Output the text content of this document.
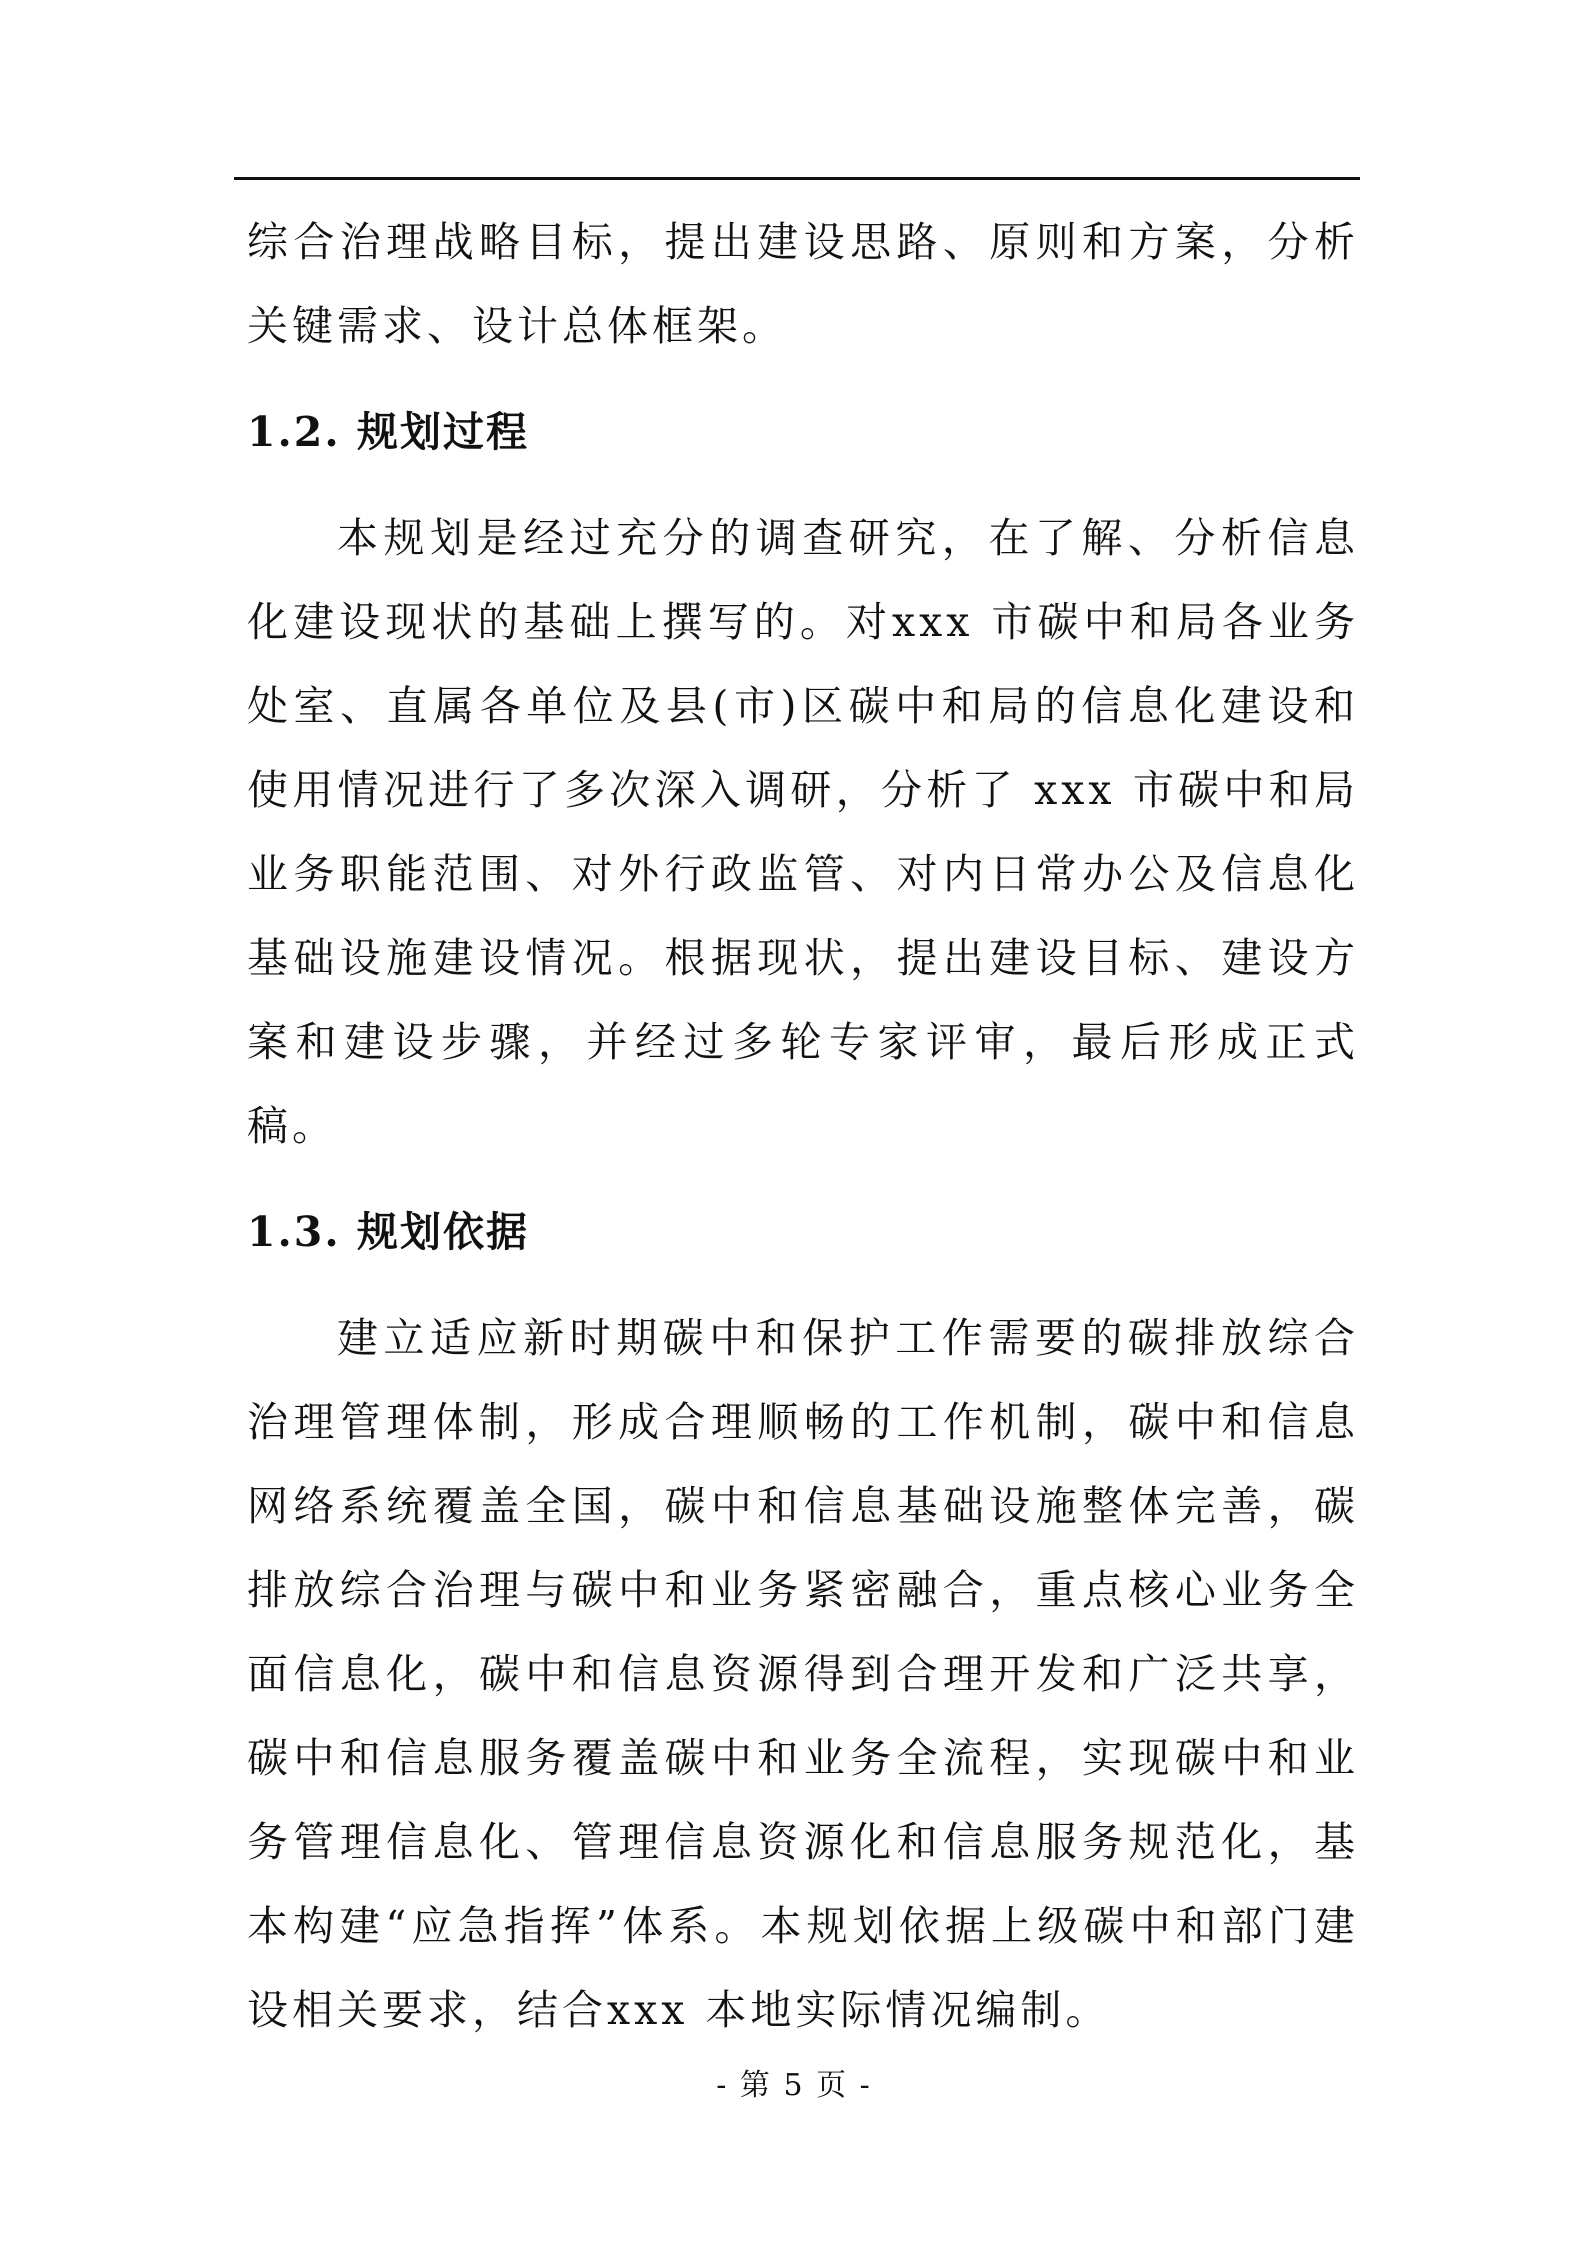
综合治理战略目标，提出建设思路、原则和方案，分析关键需求、设计总体框架。

1.2. 规划过程

本规划是经过充分的调查研究，在了解、分析信息化建设现状的基础上撰写的。对xxx 市碳中和局各业务处室、直属各单位及县(市)区碳中和局的信息化建设和使用情况进行了多次深入调研，分析了 xxx 市碳中和局业务职能范围、对外行政监管、对内日常办公及信息化基础设施建设情况。根据现状，提出建设目标、建设方案和建设步骤，并经过多轮专家评审，最后形成正式稿。

1.3. 规划依据

建立适应新时期碳中和保护工作需要的碳排放综合治理管理体制，形成合理顺畅的工作机制，碳中和信息网络系统覆盖全国，碳中和信息基础设施整体完善，碳排放综合治理与碳中和业务紧密融合，重点核心业务全面信息化，碳中和信息资源得到合理开发和广泛共享，碳中和信息服务覆盖碳中和业务全流程，实现碳中和业务管理信息化、管理信息资源化和信息服务规范化，基本构建“应急指挥”体系。本规划依据上级碳中和部门建设相关要求，结合xxx 本地实际情况编制。

- 第 5 页 -
